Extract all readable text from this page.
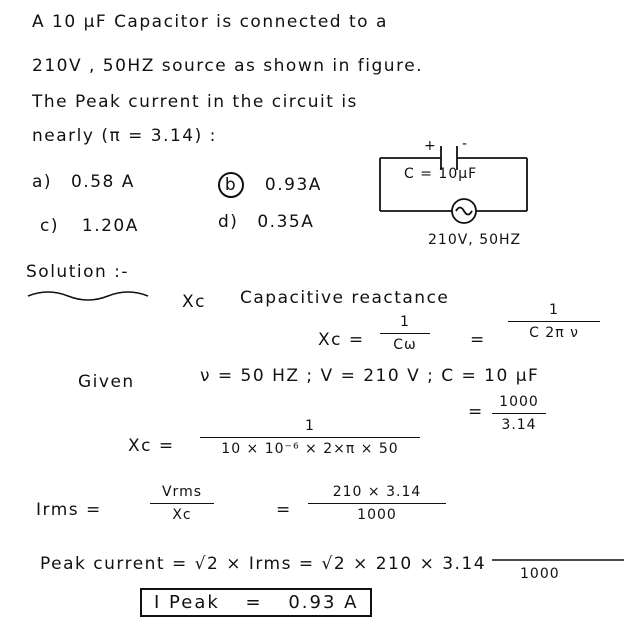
A 10 µF Capacitor is connected to a
210V , 50HZ source as shown in figure.
The Peak current in the circuit is
nearly (π = 3.14) :
a) 0.58 A	b 0.93A
c) 1.20A	d) 0.35A
+ -
C = 10µF
210V, 50HZ
Solution :-
Xc Capacitive reactance
Xc =
1
Cω	=
1
C 2π ν
Given	ν = 50 HZ ; V = 210 V ; C = 10 µF
Xc =
1
10 × 10⁻⁶ × 2×π × 50
=	1000
3.14
Irms =
Vrms
Xc	=
210 × 3.14
1000
Peak current = √2 × Irms = √2 × 210 × 3.14 1000
I Peak = 0.93 A
